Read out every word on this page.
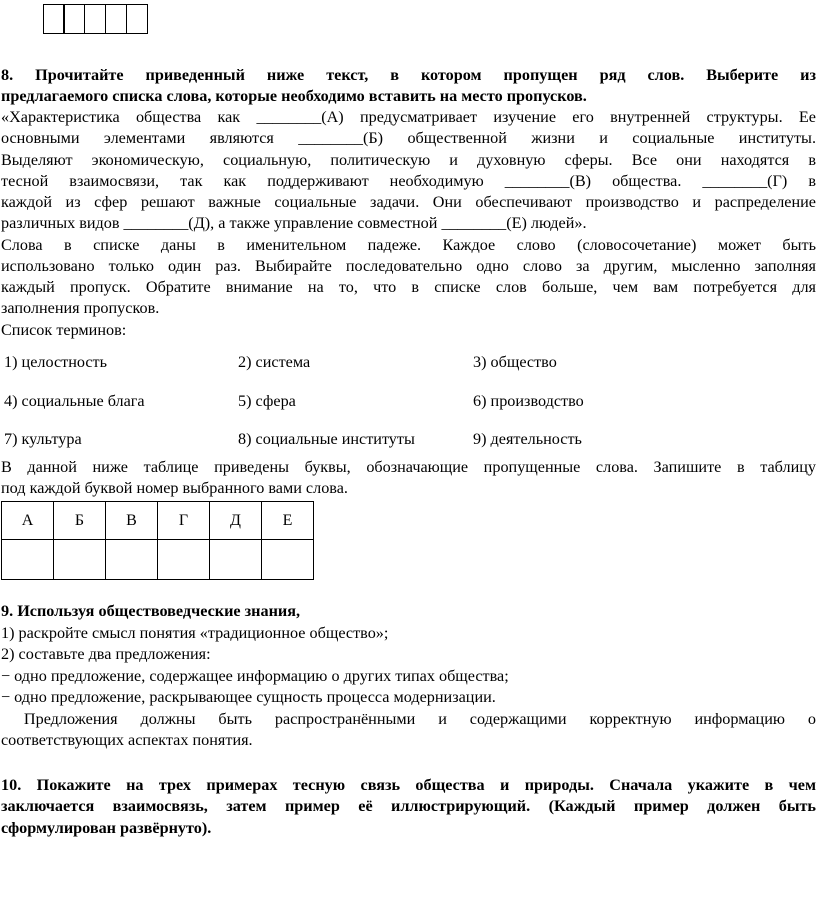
8. Прочитайте приведенный ниже текст, в котором пропущен ряд слов. Выберите из
предлагаемого списка слова, которые необходимо вставить на место пропусков.
«Характеристика общества как ________(А) предусматривает изучение его внутренней структуры. Ее
основными элементами являются ________(Б) общественной жизни и социальные институты.
Выделяют экономическую, социальную, политическую и духовную сферы. Все они находятся в
тесной взаимосвязи, так как поддерживают необходимую ________(В) общества. ________(Г) в
каждой из сфер решают важные социальные задачи. Они обеспечивают производство и распределение
различных видов ________(Д), а также управление совместной ________(Е) людей».
Слова в списке даны в именительном падеже. Каждое слово (словосочетание) может быть
использовано только один раз. Выбирайте последовательно одно слово за другим, мысленно заполняя
каждый пропуск. Обратите внимание на то, что в списке слов больше, чем вам потребуется для
заполнения пропусков.
Список терминов:
1) целостность	2) система	3) общество
4) социальные блага	5) сфера	6) производство
7) культура	8) социальные институты	9) деятельность
В данной ниже таблице приведены буквы, обозначающие пропущенные слова. Запишите в таблицу
под каждой буквой номер выбранного вами слова.
А	Б	В	Г	Д	Е

9. Используя обществоведческие знания,
1) раскройте смысл понятия «традиционное общество»;
2) составьте два предложения:
− одно предложение, содержащее информацию о других типах общества;
− одно предложение, раскрывающее сущность процесса модернизации.
Предложения должны быть распространёнными и содержащими корректную информацию о
соответствующих аспектах понятия.
10. Покажите на трех примерах тесную связь общества и природы. Сначала укажите в чем
заключается взаимосвязь, затем пример её иллюстрирующий. (Каждый пример должен быть
сформулирован развёрнуто).
